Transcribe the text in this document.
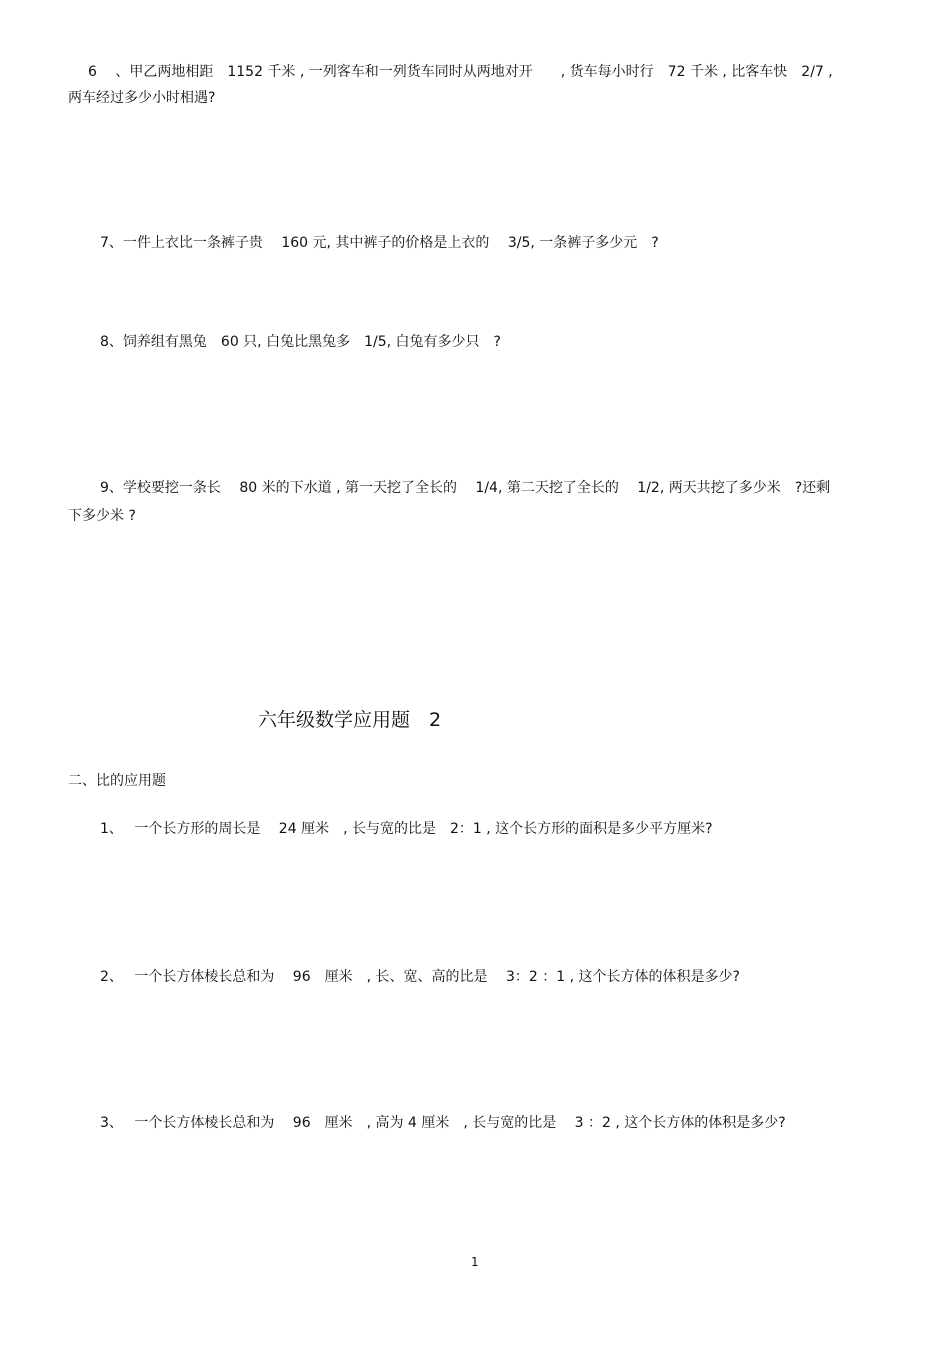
6　 、甲乙两地相距　1152 千米 , 一列客车和一列货车同时从两地对开　　, 货车每小时行　72 千米 , 比客车快　2/7 ,
两车经过多少小时相遇?
7、一件上衣比一条裤子贵　 160 元, 其中裤子的价格是上衣的　 3/5, 一条裤子多少元　?
8、饲养组有黑兔　60 只, 白兔比黑兔多　1/5, 白兔有多少只　?
9、学校要挖一条长　 80 米的下水道 , 第一天挖了全长的　 1/4, 第二天挖了全长的　 1/2, 两天共挖了多少米　?还剩
下多少米 ?
六年级数学应用题　2
二、比的应用题
1、　 一个长方形的周长是　 24 厘米　, 长与宽的比是　2：1 , 这个长方形的面积是多少平方厘米?
2、　 一个长方体棱长总和为　 96　厘米　, 长、宽、高的比是　 3：2 ：1 , 这个长方体的体积是多少?
3、　 一个长方体棱长总和为　 96　厘米　, 高为 4 厘米　, 长与宽的比是　 3 ：2 , 这个长方体的体积是多少?
1
